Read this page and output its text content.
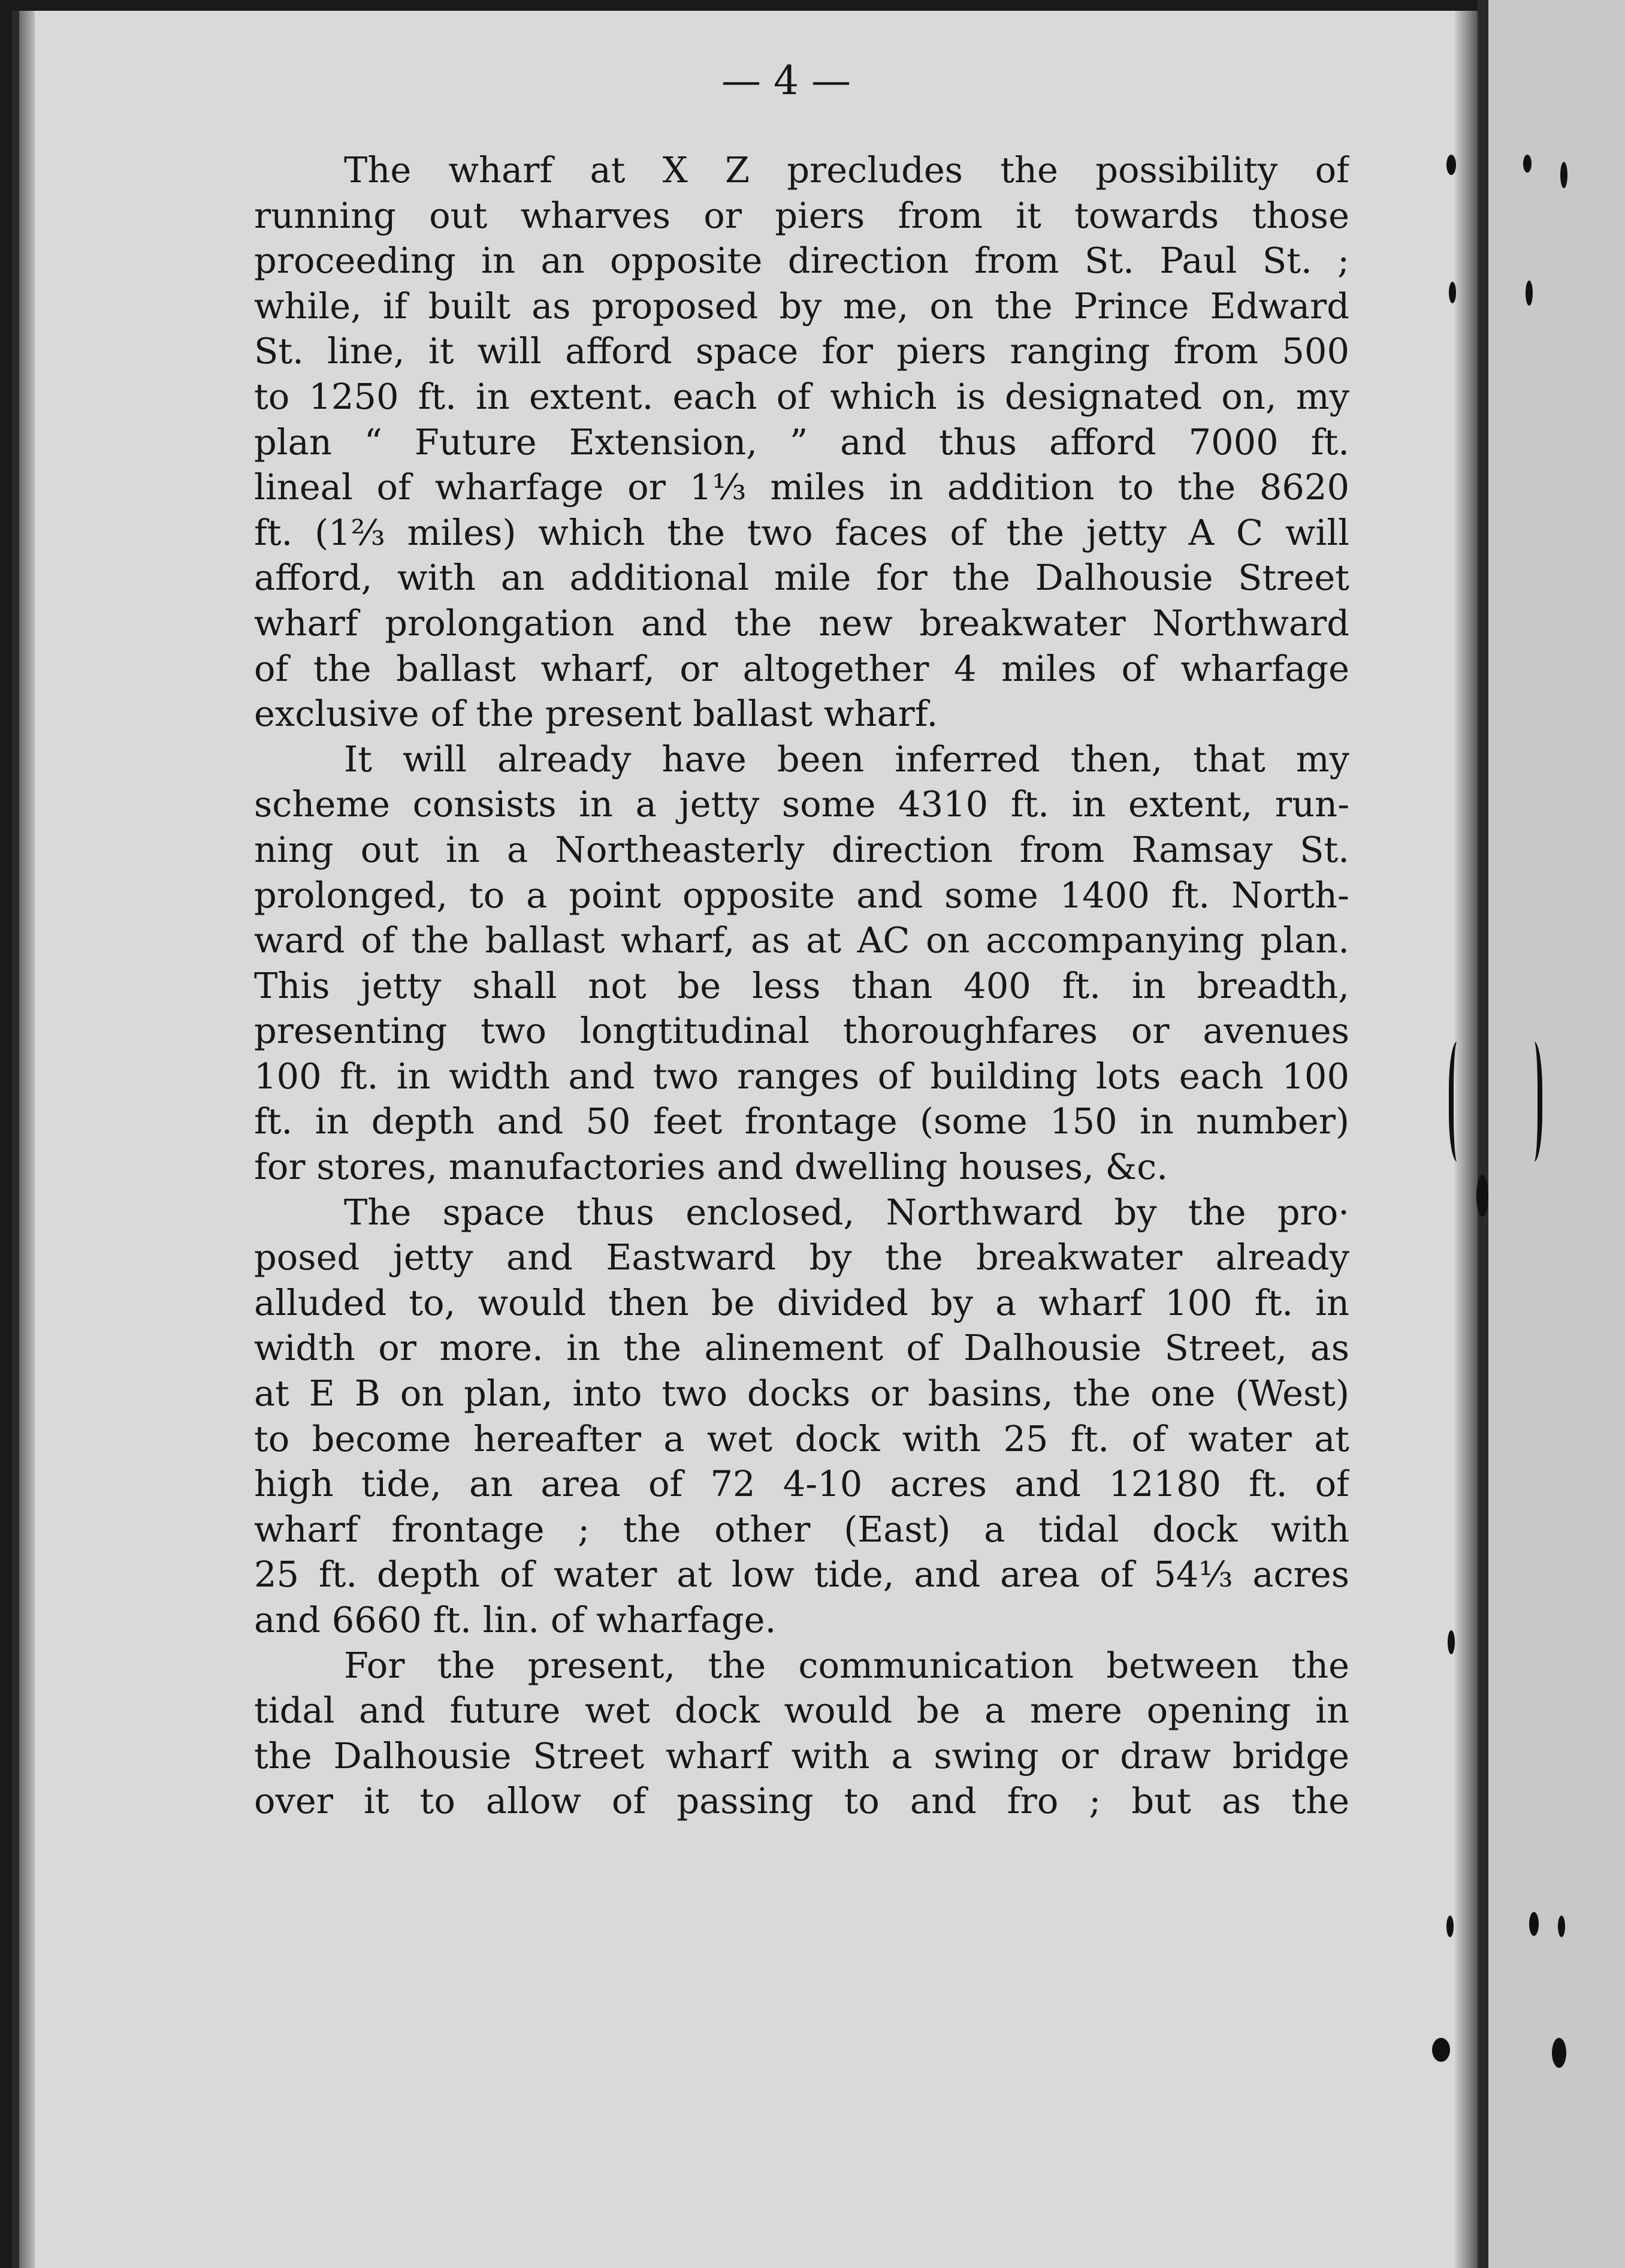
— 4 —

The wharf at X Z precludes the possibility of
running out wharves or piers from it towards those
proceeding in an opposite direction from St. Paul St. ;
while, if built as proposed by me, on the Prince Edward
St. line, it will afford space for piers ranging from 500
to 1250 ft. in extent. each of which is designated on, my
plan “ Future Extension, ” and thus afford 7000 ft.
lineal of wharfage or 1⅓ miles in addition to the 8620
ft. (1⅔ miles) which the two faces of the jetty A C will
afford, with an additional mile for the Dalhousie Street
wharf prolongation and the new breakwater Northward
of the ballast wharf, or altogether 4 miles of wharfage
exclusive of the present ballast wharf.
It will already have been inferred then, that my
scheme consists in a jetty some 4310 ft. in extent, run-
ning out in a Northeasterly direction from Ramsay St.
prolonged, to a point opposite and some 1400 ft. North-
ward of the ballast wharf, as at AC on accompanying plan.
This jetty shall not be less than 400 ft. in breadth,
presenting two longtitudinal thoroughfares or avenues
100 ft. in width and two ranges of building lots each 100
ft. in depth and 50 feet frontage (some 150 in number)
for stores, manufactories and dwelling houses, &c.
The space thus enclosed, Northward by the pro·
posed jetty and Eastward by the breakwater already
alluded to, would then be divided by a wharf 100 ft. in
width or more. in the alinement of Dalhousie Street, as
at E B on plan, into two docks or basins, the one (West)
to become hereafter a wet dock with 25 ft. of water at
high tide, an area of 72 4-10 acres and 12180 ft. of
wharf frontage ; the other (East) a tidal dock with
25 ft. depth of water at low tide, and area of 54⅓ acres
and 6660 ft. lin. of wharfage.
For the present, the communication between the
tidal and future wet dock would be a mere opening in
the Dalhousie Street wharf with a swing or draw bridge
over it to allow of passing to and fro ; but as the
